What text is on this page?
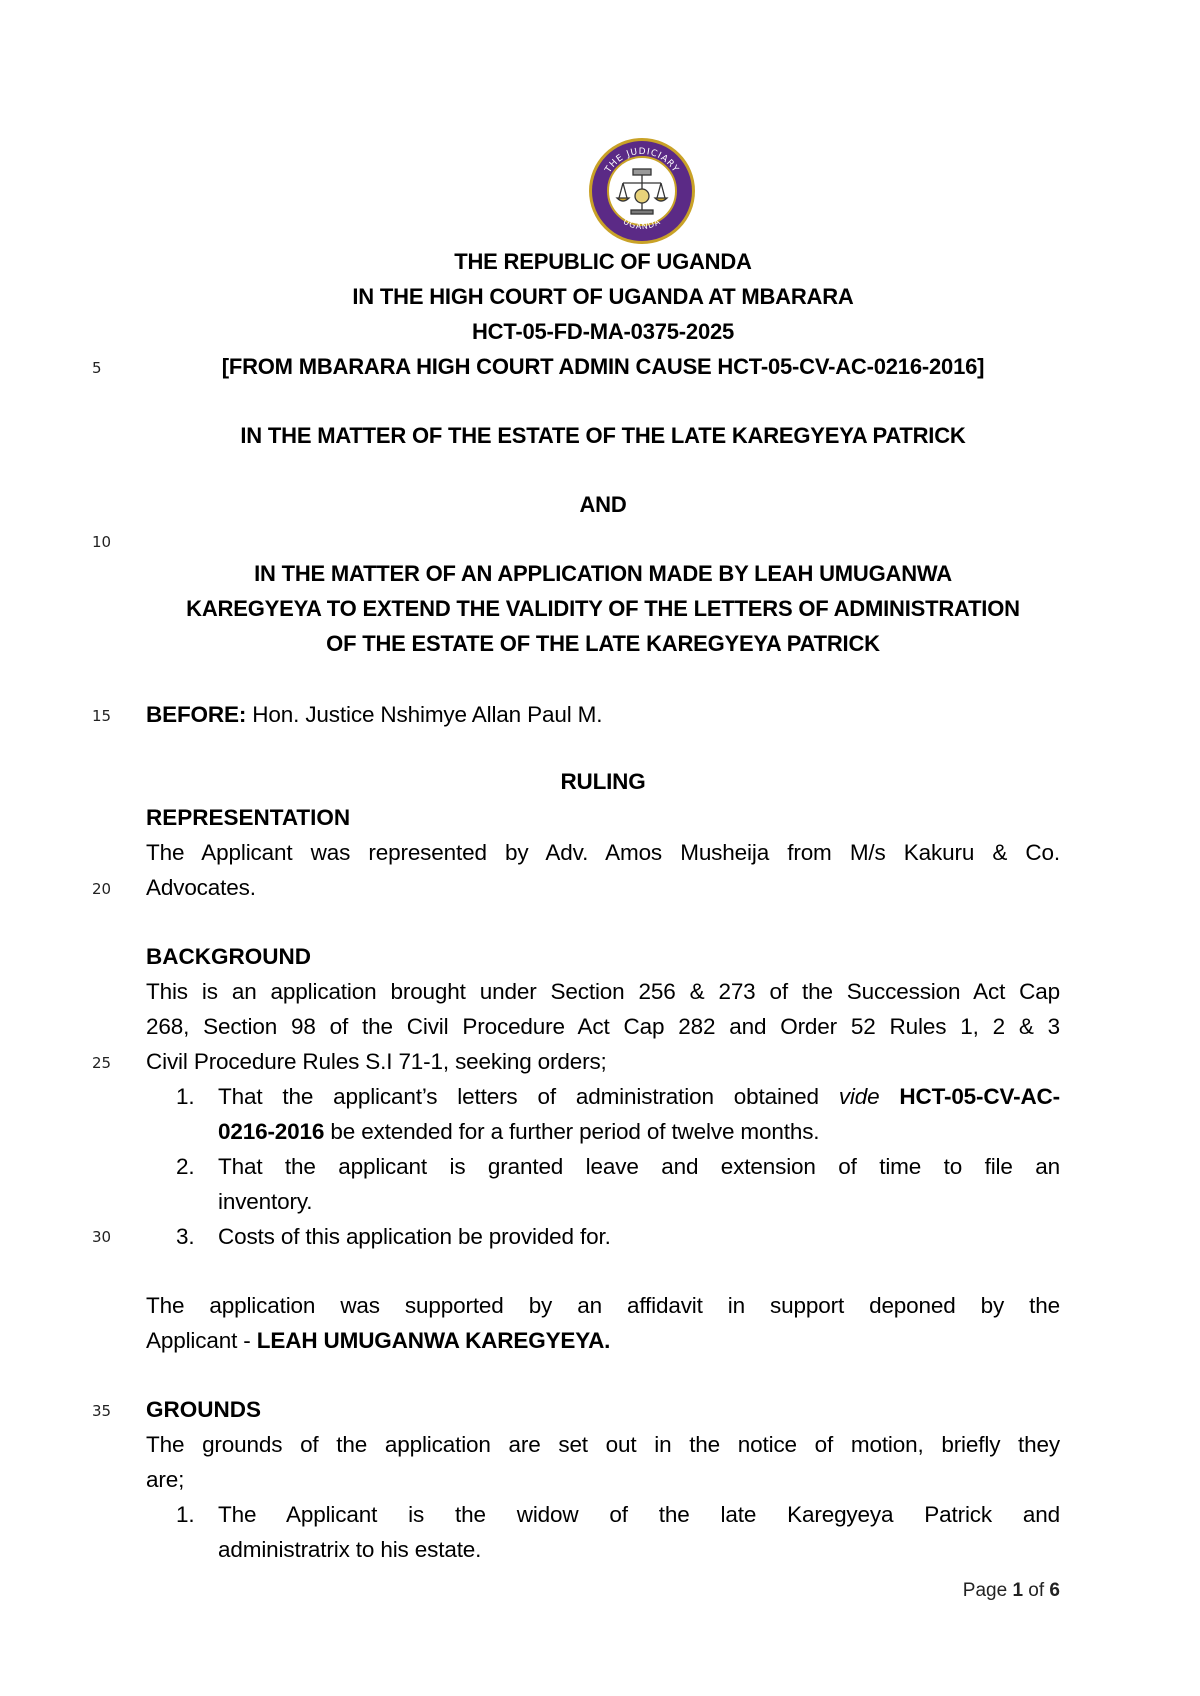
THE JUDICIARY
UGANDA
THE REPUBLIC OF UGANDA
IN THE HIGH COURT OF UGANDA AT MBARARA
HCT-05-FD-MA-0375-2025
[FROM MBARARA HIGH COURT ADMIN CAUSE HCT-05-CV-AC-0216-2016]
IN THE MATTER OF THE ESTATE OF THE LATE KAREGYEYA PATRICK
AND
IN THE MATTER OF AN APPLICATION MADE BY LEAH UMUGANWA
KAREGYEYA TO EXTEND THE VALIDITY OF THE LETTERS OF ADMINISTRATION
OF THE ESTATE OF THE LATE KAREGYEYA PATRICK
5
10
15
20
25
30
35
BEFORE: Hon. Justice Nshimye Allan Paul M.
RULING
REPRESENTATION
The Applicant was represented by Adv. Amos Musheija from M/s Kakuru & Co.
Advocates.
BACKGROUND
This is an application brought under Section 256 & 273 of the Succession Act Cap
268, Section 98 of the Civil Procedure Act Cap 282 and Order 52 Rules 1, 2 & 3
Civil Procedure Rules S.I 71-1, seeking orders;
1.	That the applicant’s letters of administration obtained vide HCT-05-CV-AC-
0216-2016 be extended for a further period of twelve months.
2.	That the applicant is granted leave and extension of time to file an
inventory.
3.	Costs of this application be provided for.
The application was supported by an affidavit in support deponed by the
Applicant - LEAH UMUGANWA KAREGYEYA.
GROUNDS
The grounds of the application are set out in the notice of motion, briefly they
are;
1.	The Applicant is the widow of the late Karegyeya Patrick and
administratrix to his estate.
Page 1 of 6
